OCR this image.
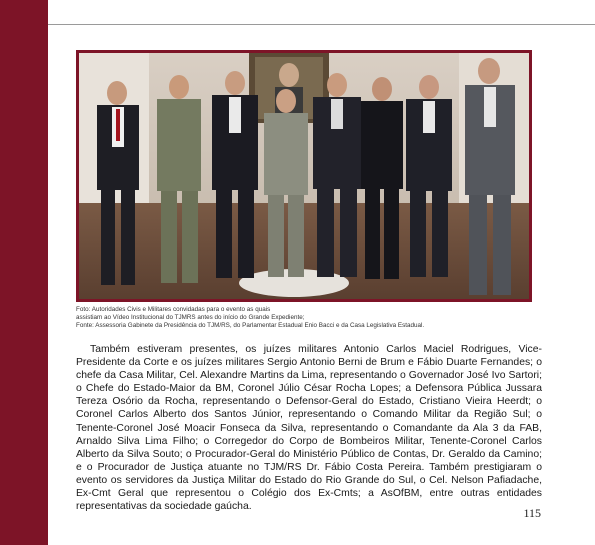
Foto: Autoridades Civis e Militares convidadas para o evento as quais
assistiam ao Vídeo Institucional do TJMRS antes do início do Grande Expediente;
Fonte: Assessoria Gabinete da Presidência do TJM/RS, do Parlamentar Estadual Enio Bacci e da Casa Legislativa Estadual.

Também estiveram presentes, os juízes militares Antonio Carlos Maciel Rodrigues, Vice-Presidente da Corte e os juízes militares Sergio Antonio Berni de Brum e Fábio Duarte Fernandes; o chefe da Casa Militar, Cel. Alexandre Martins da Lima, representando o Governador José Ivo Sartori; o Chefe do Estado-Maior da BM, Coronel Júlio César Rocha Lopes; a Defensora Pública Jussara Tereza Osório da Rocha, representando o Defensor-Geral do Estado, Cristiano Vieira Heerdt; o Coronel Carlos Alberto dos Santos Júnior, representando o Comando Militar da Região Sul; o Tenente-Coronel José Moacir Fonseca da Silva, representando o Comandante da Ala 3 da FAB, Arnaldo Silva Lima Filho; o Corregedor do Corpo de Bombeiros Militar, Tenente-Coronel Carlos Alberto da Silva Souto; o Procurador-Geral do Ministério Público de Contas, Dr. Geraldo da Camino; e o Procurador de Justiça atuante no TJM/RS Dr. Fábio Costa Pereira. Também prestigiaram o evento os servidores da Justiça Militar do Estado do Rio Grande do Sul, o Cel. Nelson Pafiadache, Ex-Cmt Geral que representou o Colégio dos Ex-Cmts; a AsOfBM, entre outras entidades representativas da sociedade gaúcha.	115
